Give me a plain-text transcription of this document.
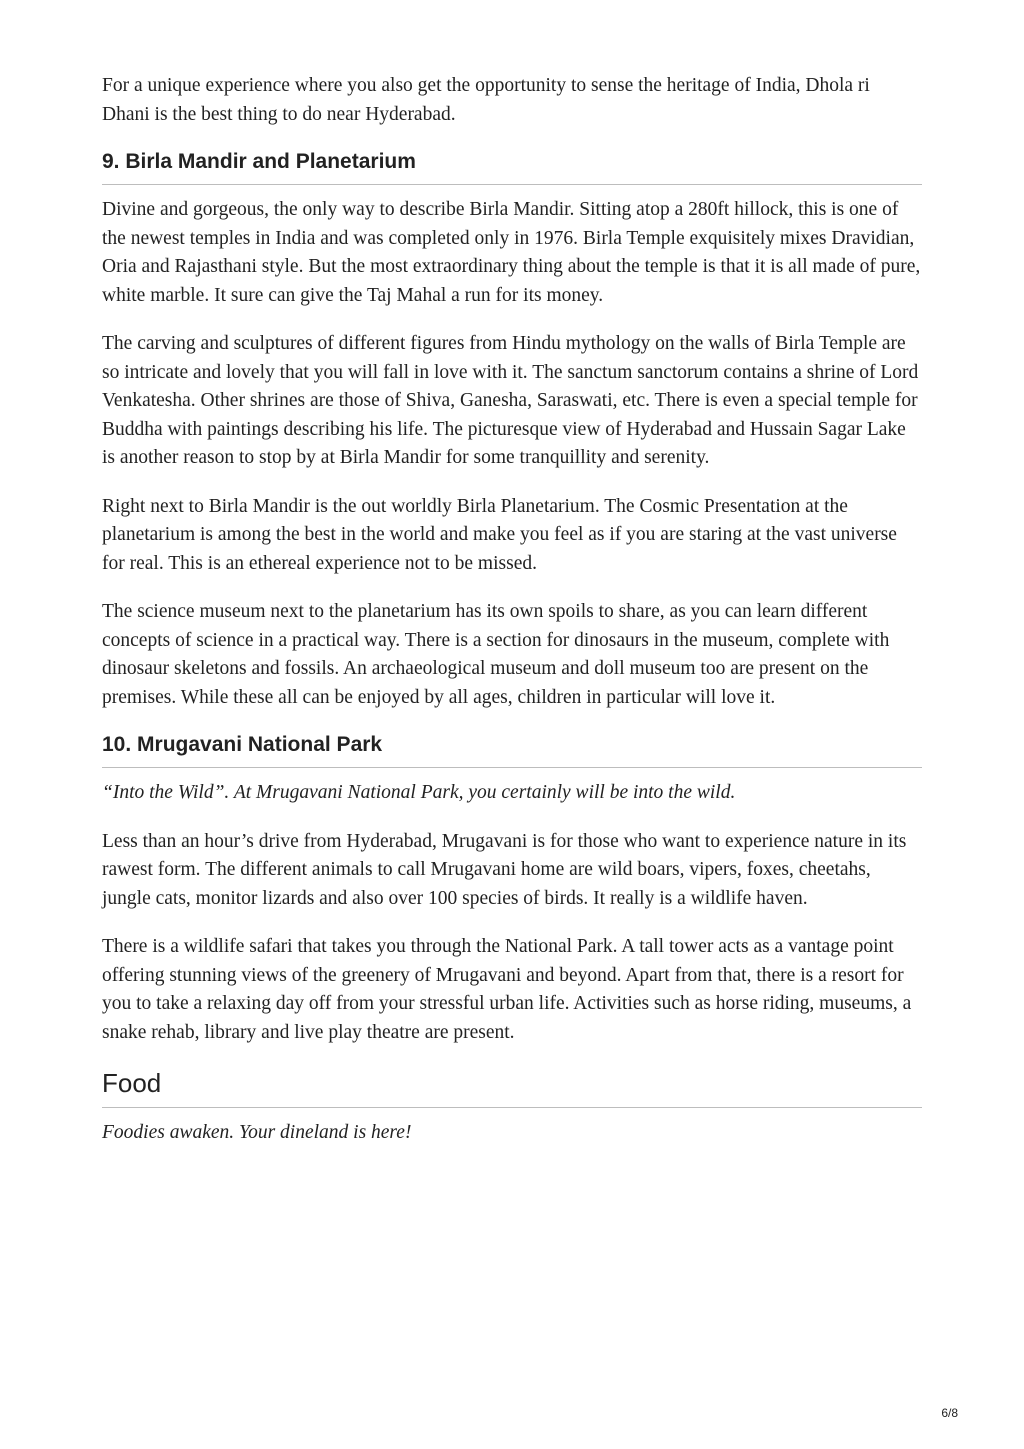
For a unique experience where you also get the opportunity to sense the heritage of India, Dhola ri Dhani is the best thing to do near Hyderabad.

9. Birla Mandir and Planetarium

Divine and gorgeous, the only way to describe Birla Mandir. Sitting atop a 280ft hillock, this is one of the newest temples in India and was completed only in 1976. Birla Temple exquisitely mixes Dravidian, Oria and Rajasthani style. But the most extraordinary thing about the temple is that it is all made of pure, white marble. It sure can give the Taj Mahal a run for its money.

The carving and sculptures of different figures from Hindu mythology on the walls of Birla Temple are so intricate and lovely that you will fall in love with it. The sanctum sanctorum contains a shrine of Lord Venkatesha. Other shrines are those of Shiva, Ganesha, Saraswati, etc. There is even a special temple for Buddha with paintings describing his life. The picturesque view of Hyderabad and Hussain Sagar Lake is another reason to stop by at Birla Mandir for some tranquillity and serenity.

Right next to Birla Mandir is the out worldly Birla Planetarium. The Cosmic Presentation at the planetarium is among the best in the world and make you feel as if you are staring at the vast universe for real. This is an ethereal experience not to be missed.

The science museum next to the planetarium has its own spoils to share, as you can learn different concepts of science in a practical way. There is a section for dinosaurs in the museum, complete with dinosaur skeletons and fossils. An archaeological museum and doll museum too are present on the premises. While these all can be enjoyed by all ages, children in particular will love it.

10. Mrugavani National Park

“Into the Wild”. At Mrugavani National Park, you certainly will be into the wild.

Less than an hour’s drive from Hyderabad, Mrugavani is for those who want to experience nature in its rawest form. The different animals to call Mrugavani home are wild boars, vipers, foxes, cheetahs, jungle cats, monitor lizards and also over 100 species of birds. It really is a wildlife haven.

There is a wildlife safari that takes you through the National Park. A tall tower acts as a vantage point offering stunning views of the greenery of Mrugavani and beyond. Apart from that, there is a resort for you to take a relaxing day off from your stressful urban life. Activities such as horse riding, museums, a snake rehab, library and live play theatre are present.

Food

Foodies awaken. Your dineland is here!

6/8
